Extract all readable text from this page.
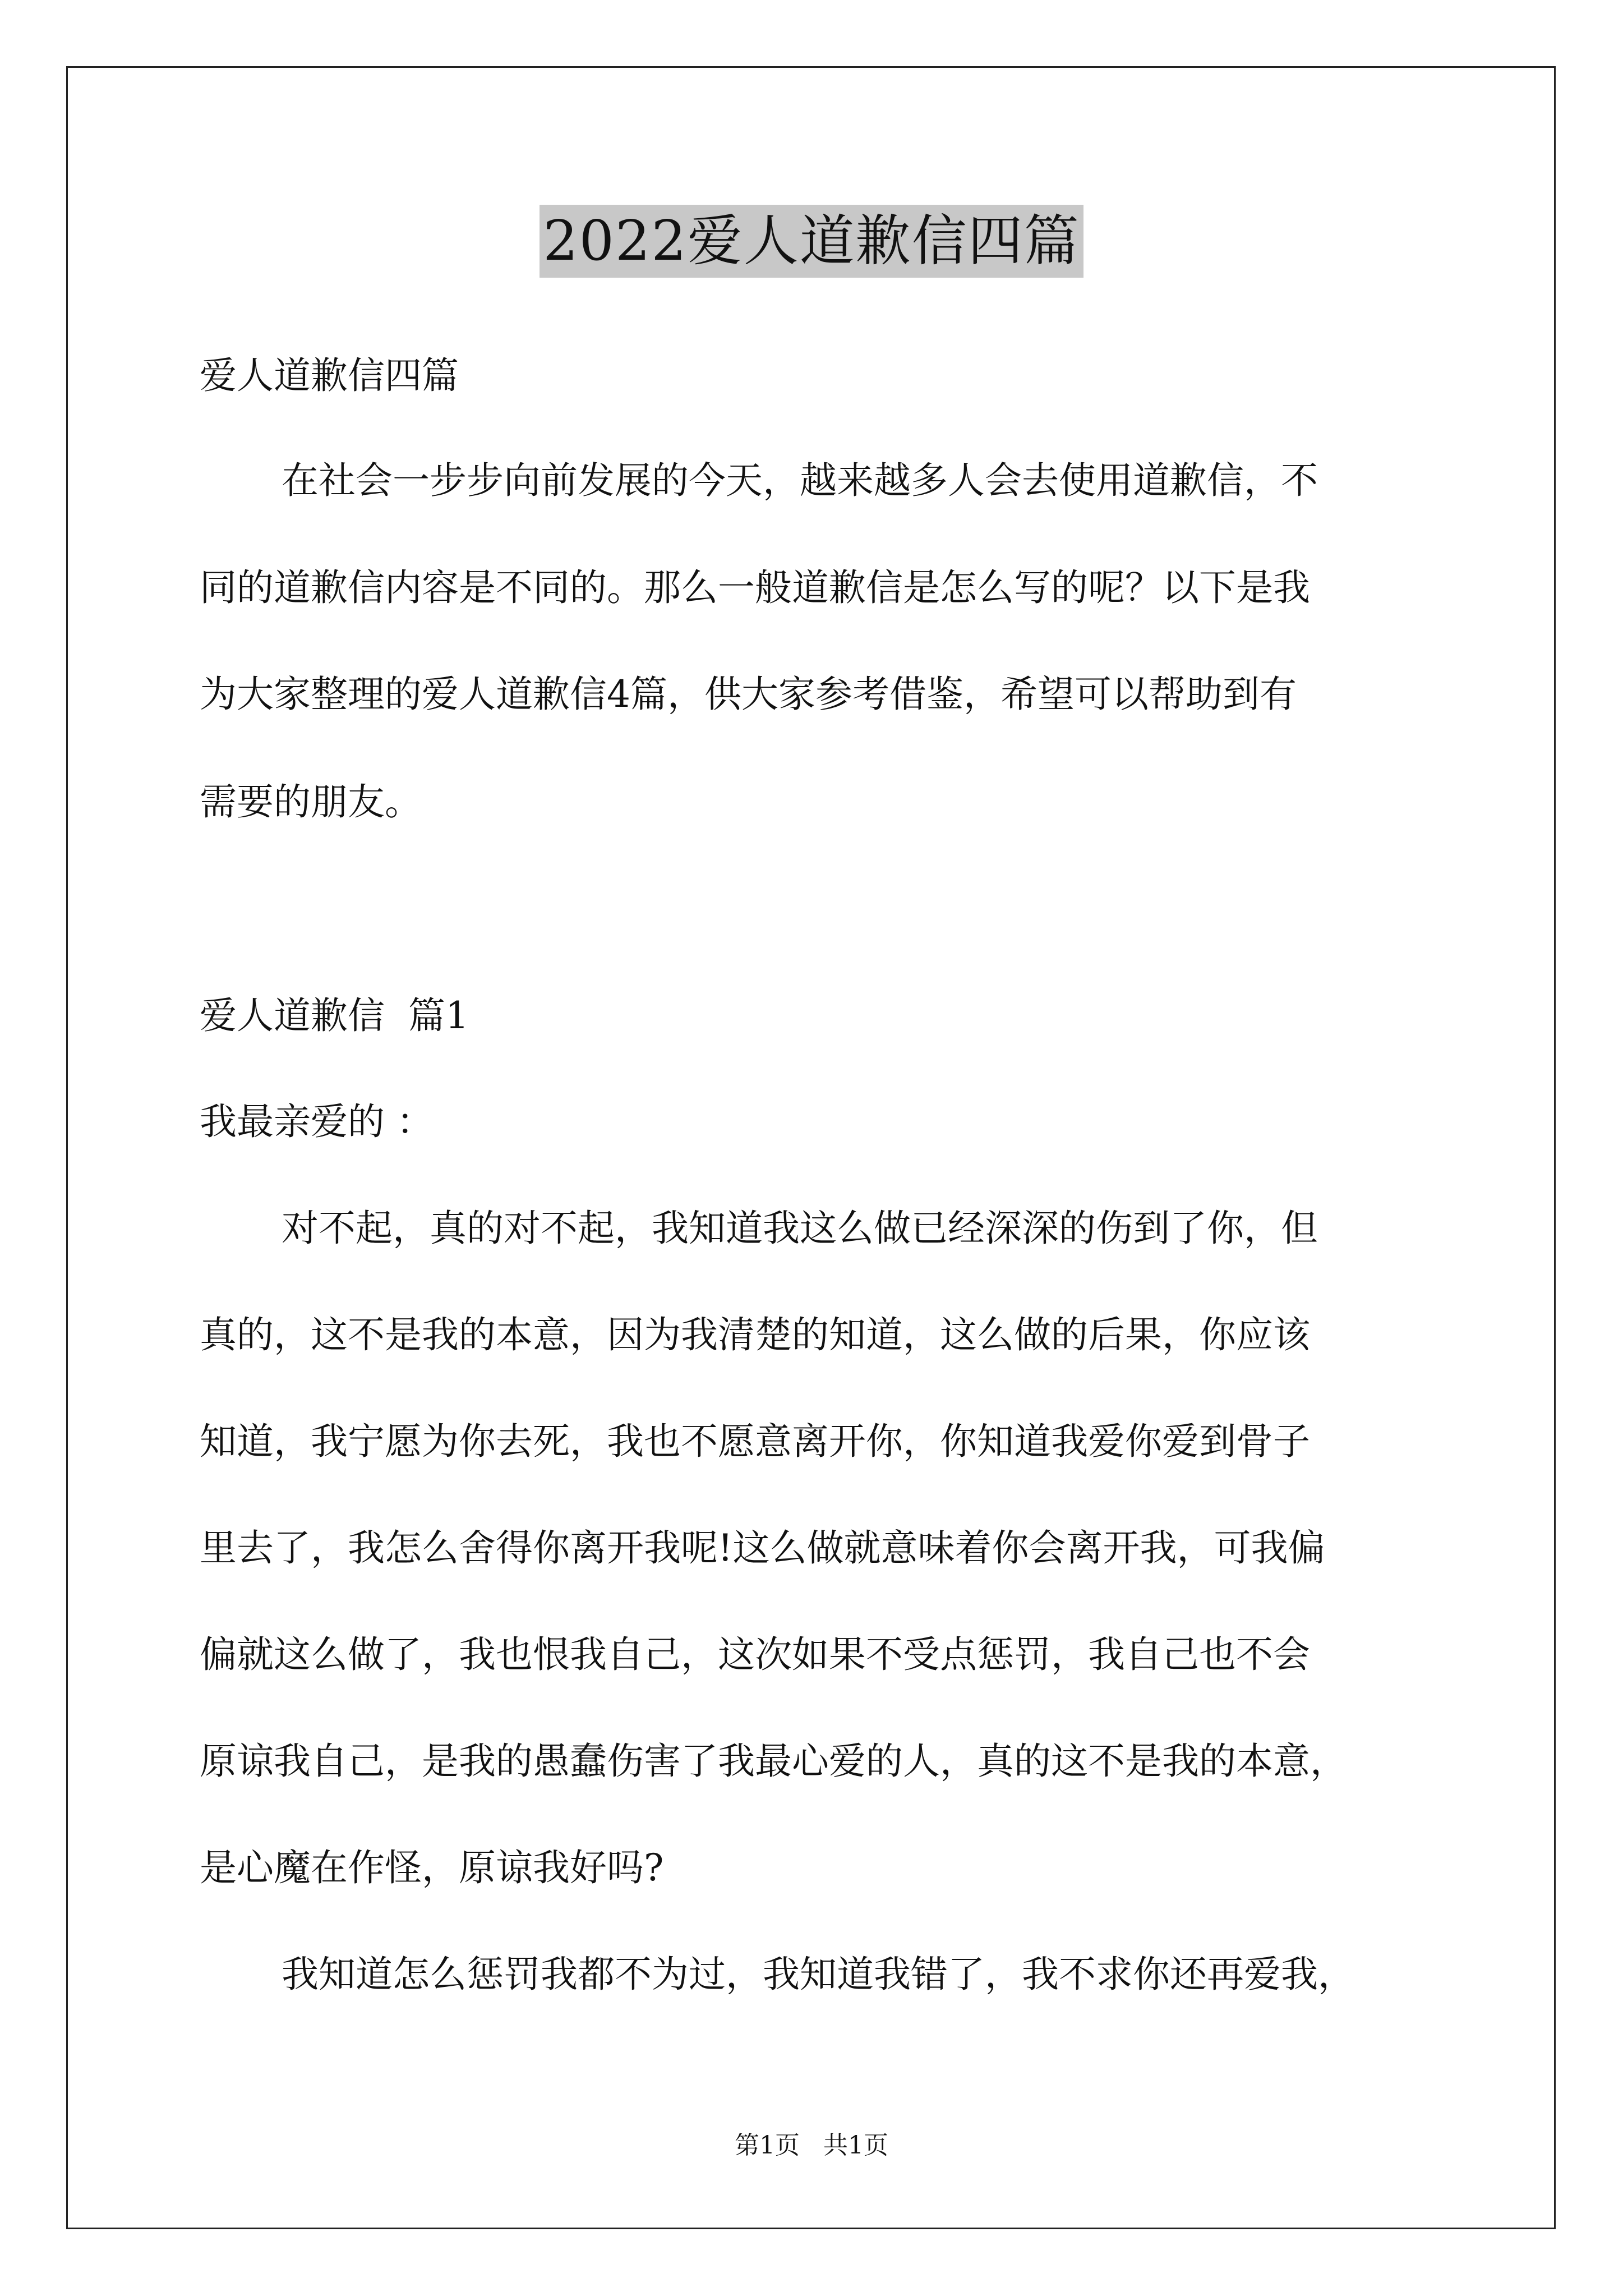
2022爱人道歉信四篇
爱人道歉信四篇
在社会一步步向前发展的今天，越来越多人会去使用道歉信，不
同的道歉信内容是不同的。那么一般道歉信是怎么写的呢？以下是我
为大家整理的爱人道歉信4篇，供大家参考借鉴，希望可以帮助到有
需要的朋友。
爱人道歉信  篇1
我最亲爱的 ：
对不起，真的对不起，我知道我这么做已经深深的伤到了你，但
真的，这不是我的本意，因为我清楚的知道，这么做的后果，你应该
知道，我宁愿为你去死，我也不愿意离开你，你知道我爱你爱到骨子
里去了，我怎么舍得你离开我呢!这么做就意味着你会离开我，可我偏
偏就这么做了，我也恨我自己，这次如果不受点惩罚，我自己也不会
原谅我自己，是我的愚蠢伤害了我最心爱的人，真的这不是我的本意，
是心魔在作怪，原谅我好吗?
我知道怎么惩罚我都不为过，我知道我错了，我不求你还再爱我，
第1页   共1页
